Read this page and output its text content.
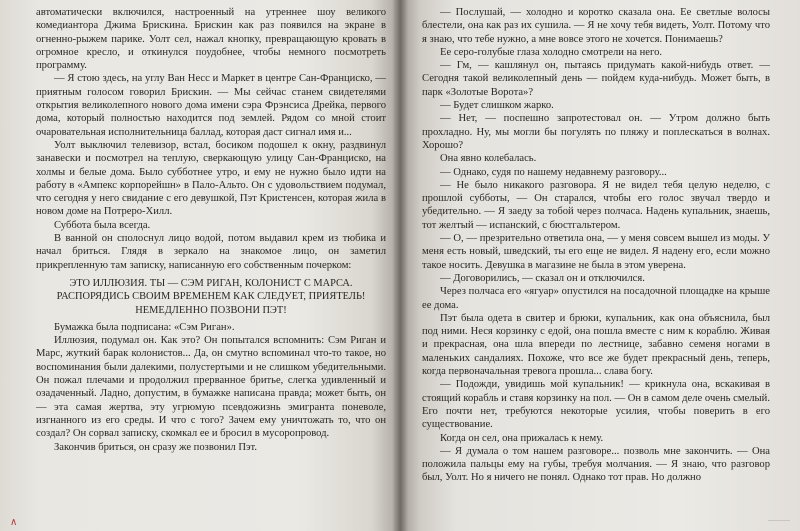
автоматически включился, настроенный на утреннее шоу великого комедиантора Джима Брискина. Брискин как раз появился на экране в огненно-рыжем парике. Уолт сел, нажал кнопку, превращающую кровать в огромное кресло, и откинулся поудобнее, чтобы немного посмотреть программу.

— Я стою здесь, на углу Ван Несс и Маркет в центре Сан-Франциско, — приятным голосом говорил Брискин. — Мы сейчас станем свидетелями открытия великолепного нового дома имени сэра Фрэнсиса Дрейка, первого дома, который полностью находится под землей. Рядом со мной стоит очаровательная исполнительница баллад, которая даст сигнал имя и...

Уолт выключил телевизор, встал, босиком подошел к окну, раздвинул занавески и посмотрел на теплую, сверкающую улицу Сан-Франциско, на холмы и белые дома. Было субботнее утро, и ему не нужно было идти на работу в «Ампекс корпорейшн» в Пало-Альто. Он с удовольствием подумал, что сегодня у него свидание с его девушкой, Пэт Кристенсен, которая жила в новом доме на Потреро-Хилл.

Суббота была всегда.

В ванной он сполоснул лицо водой, потом выдавил крем из тюбика и начал бриться. Глядя в зеркало на знакомое лицо, он заметил прикрепленную там записку, написанную его собственным почерком:

ЭТО ИЛЛЮЗИЯ. ТЫ — СЭМ РИГАН, КОЛОНИСТ С МАРСА.
РАСПОРЯДИСЬ СВОИМ ВРЕМЕНЕМ КАК СЛЕДУЕТ, ПРИЯТЕЛЬ!
НЕМЕДЛЕННО ПОЗВОНИ ПЭТ!

Бумажка была подписана: «Сэм Риган».

Иллюзия, подумал он. Как это? Он попытался вспомнить: Сэм Риган и Марс, жуткий барак колонистов... Да, он смутно вспоминал что-то такое, но воспоминания были далекими, полустертыми и не слишком убедительными. Он пожал плечами и продолжил прерванное бритье, слегка удивленный и озадаченный. Ладно, допустим, в бумажке написана правда; может быть, он — эта самая жертва, эту угрюмую псевдожизнь эмигранта поневоле, изгнанного из его среды. И что с того? Зачем ему уничтожать то, что он создал? Он сорвал записку, скомкал ее и бросил в мусоропровод.

Закончив бриться, он сразу же позвонил Пэт.

— Послушай, — холодно и коротко сказала она. Ее светлые волосы блестели, она как раз их сушила. — Я не хочу тебя видеть, Уолт. Потому что я знаю, что тебе нужно, а мне вовсе этого не хочется. Понимаешь?

Ее серо-голубые глаза холодно смотрели на него.

— Гм, — кашлянул он, пытаясь придумать какой-нибудь ответ. — Сегодня такой великолепный день — пойдем куда-нибудь. Может быть, в парк «Золотые Ворота»?

— Будет слишком жарко.

— Нет, — поспешно запротестовал он. — Утром должно быть прохладно. Ну, мы могли бы погулять по пляжу и поплескаться в волнах. Хорошо?

Она явно колебалась.

— Однако, судя по нашему недавнему разговору...

— Не было никакого разговора. Я не видел тебя целую неделю, с прошлой субботы, — Он старался, чтобы его голос звучал твердо и убедительно. — Я заеду за тобой через полчаса. Надень купальник, знаешь, тот желтый — испанский, с бюстгальтером.

— О, — презрительно ответила она, — у меня совсем вышел из моды. У меня есть новый, шведский, ты его еще не видел. Я надену его, если можно такое носить. Девушка в магазине не была в этом уверена.

— Договорились, — сказал он и отключился.

Через полчаса его «ягуар» опустился на посадочной площадке на крыше ее дома.

Пэт была одета в свитер и брюки, купальник, как она объяснила, был под ними. Неся корзинку с едой, она пошла вместе с ним к кораблю. Живая и прекрасная, она шла впереди по лестнице, забавно семеня ногами в маленьких сандалиях. Похоже, что все же будет прекрасный день, теперь, когда первоначальная тревога прошла... слава богу.

— Подожди, увидишь мой купальник! — крикнула она, вскакивая в стоящий корабль и ставя корзинку на пол. — Он в самом деле очень смелый. Его почти нет, требуются некоторые усилия, чтобы поверить в его существование.

Когда он сел, она прижалась к нему.

— Я думала о том нашем разговоре... позволь мне закончить. — Она положила пальцы ему на губы, требуя молчания. — Я знаю, что разговор был, Уолт. Но я ничего не понял. Однако тот прав. Но должно

∧
